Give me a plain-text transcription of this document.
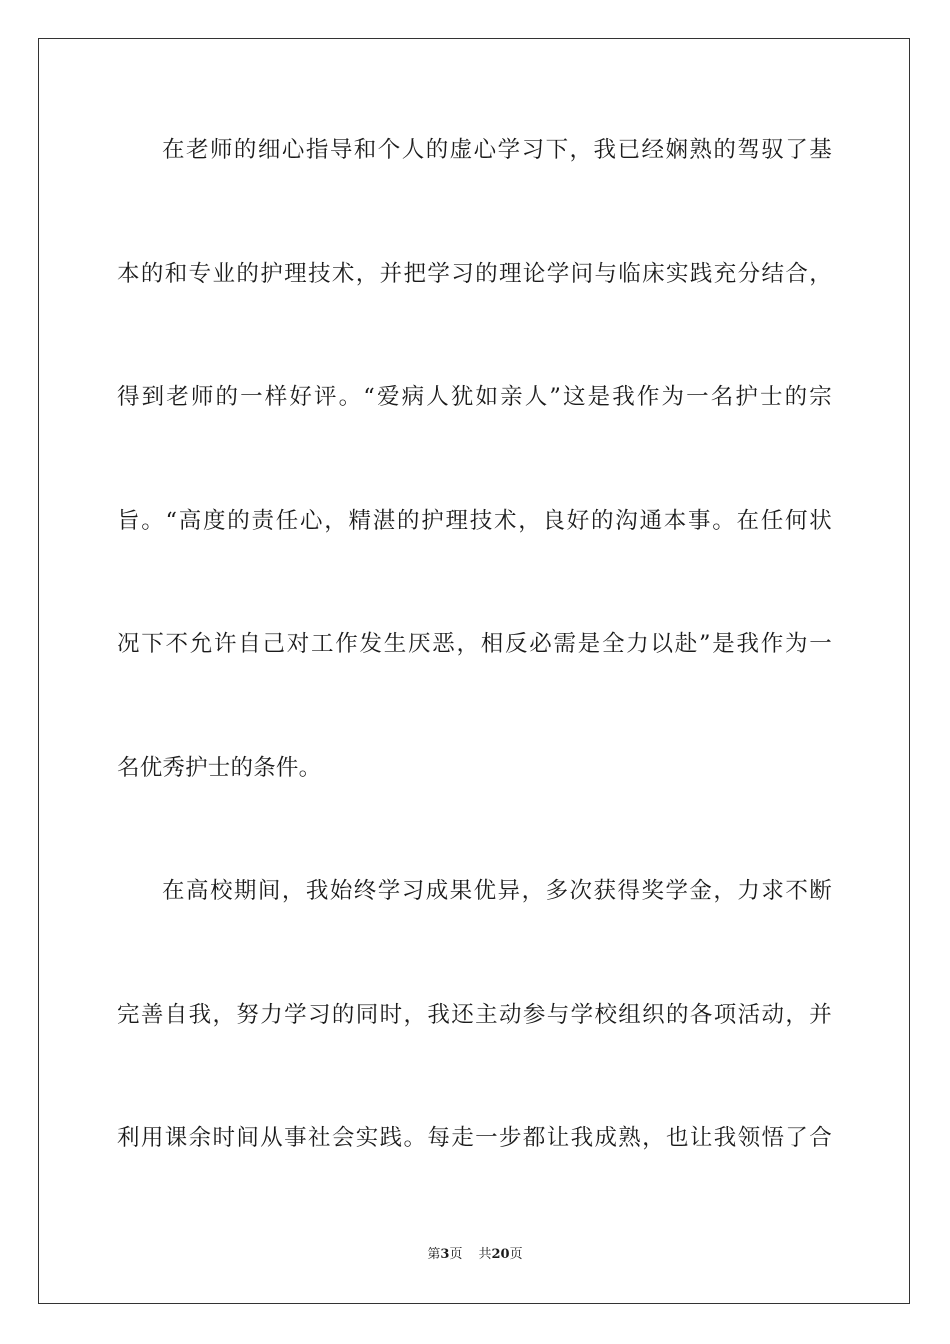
在老师的细心指导和个人的虚心学习下，我已经娴熟的驾驭了基
本的和专业的护理技术，并把学习的理论学问与临床实践充分结合，
得到老师的一样好评。“爱病人犹如亲人”这是我作为一名护士的宗
旨。“高度的责任心，精湛的护理技术，良好的沟通本事。在任何状
况下不允许自己对工作发生厌恶，相反必需是全力以赴”是我作为一
名优秀护士的条件。
在高校期间，我始终学习成果优异，多次获得奖学金，力求不断
完善自我，努力学习的同时，我还主动参与学校组织的各项活动，并
利用课余时间从事社会实践。每走一步都让我成熟，也让我领悟了合
第3页 共20页
